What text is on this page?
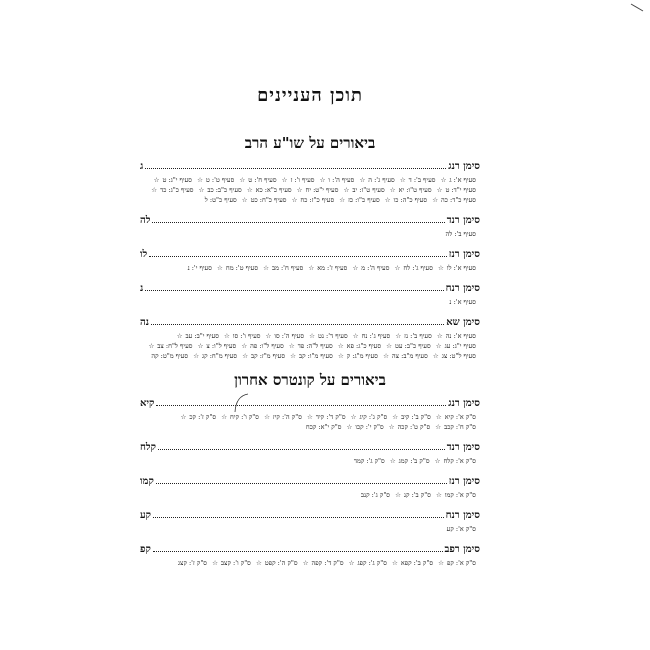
תוכן העניינים
ביאורים על שו"ע הרב
סימן רנג
ג
סעיף א': ג☆ סעיף ב': ד☆ סעיף ג': ה☆ סעיף ה': ו☆ סעיף ו': ז☆ סעיף ח': ט☆ סעיף ט': ט☆ סעיף י"ג: ט☆ סעיף י"ד: ט☆ סעיף ט"ו: יא☆ סעיף ט"ז: יב☆ סעיף י"ט: יח☆ סעיף כ"א: כא☆ סעיף כ"ב: כב☆ סעיף כ"ג: כד☆ סעיף כ"ד: כה☆ סעיף כ"ה: כו☆ סעיף כ"ו: כז☆ סעיף כ"ז: כח☆ סעיף כ"ח: כט☆ סעיף כ"ט: ל
סימן רנד
לה
סעיף ב': לה
סימן רנז
לו
סעיף א': לו☆ סעיף ג': לח☆ סעיף ה': מ☆ סעיף ז': מא☆ סעיף ח': מב☆ סעיף ט': מח☆ סעיף י': נ
סימן רנח
נ
סעיף א': נ
סימן שא
נה
סעיף א': נה☆ סעיף ב': נז☆ סעיף ג': נח☆ סעיף ד': נט☆ סעיף ה': סו☆ סעיף ו': סו☆ סעיף י"ב: עב☆ סעיף י"ג: עג☆ סעיף כ"ב: עט☆ סעיף כ"ג: פא☆ סעיף ל"ה: פד☆ סעיף ל"ו: פה☆ סעיף ל"ו: צ☆ סעיף ל"ח: צב☆ סעיף ל"ט: צג☆ סעיף מ"ב: צה☆ סעיף מ"ג: ק☆ סעיף מ"ו: קב☆ סעיף מ"ז: קב☆ סעיף מ"ח: קג☆ סעיף מ"ט: קה
ביאורים על קונטרס אחרון
סימן רנג
קיא
ס"ק א': קיא☆ ס"ק ב': קיב☆ ס"ק ג': קיג☆ ס"ק ד': קיד☆ ס"ק ה': קיז☆ ס"ק ו': קיח☆ ס"ק ז': קכ☆ ס"ק ח': קכב☆ ס"ק ט': קכה☆ ס"ק י': קכו☆ ס"ק י"א: קכח
סימן רנד
קלח
ס"ק א': קלח☆ ס"ק ב': קמג☆ ס"ק ג': קמד
סימן רנז
קמו
ס"ק א': קמו☆ ס"ק ב': קנ☆ ס"ק ג': קנב
סימן רנח
קע
ס"ק א': קע
סימן רפב
קפ
ס"ק א': קפ☆ ס"ק ב': קפא☆ ס"ק ג': קפג☆ ס"ק ד': קפה☆ ס"ק ה': קפט☆ ס"ק ו': קצב☆ ס"ק ז': קצג
